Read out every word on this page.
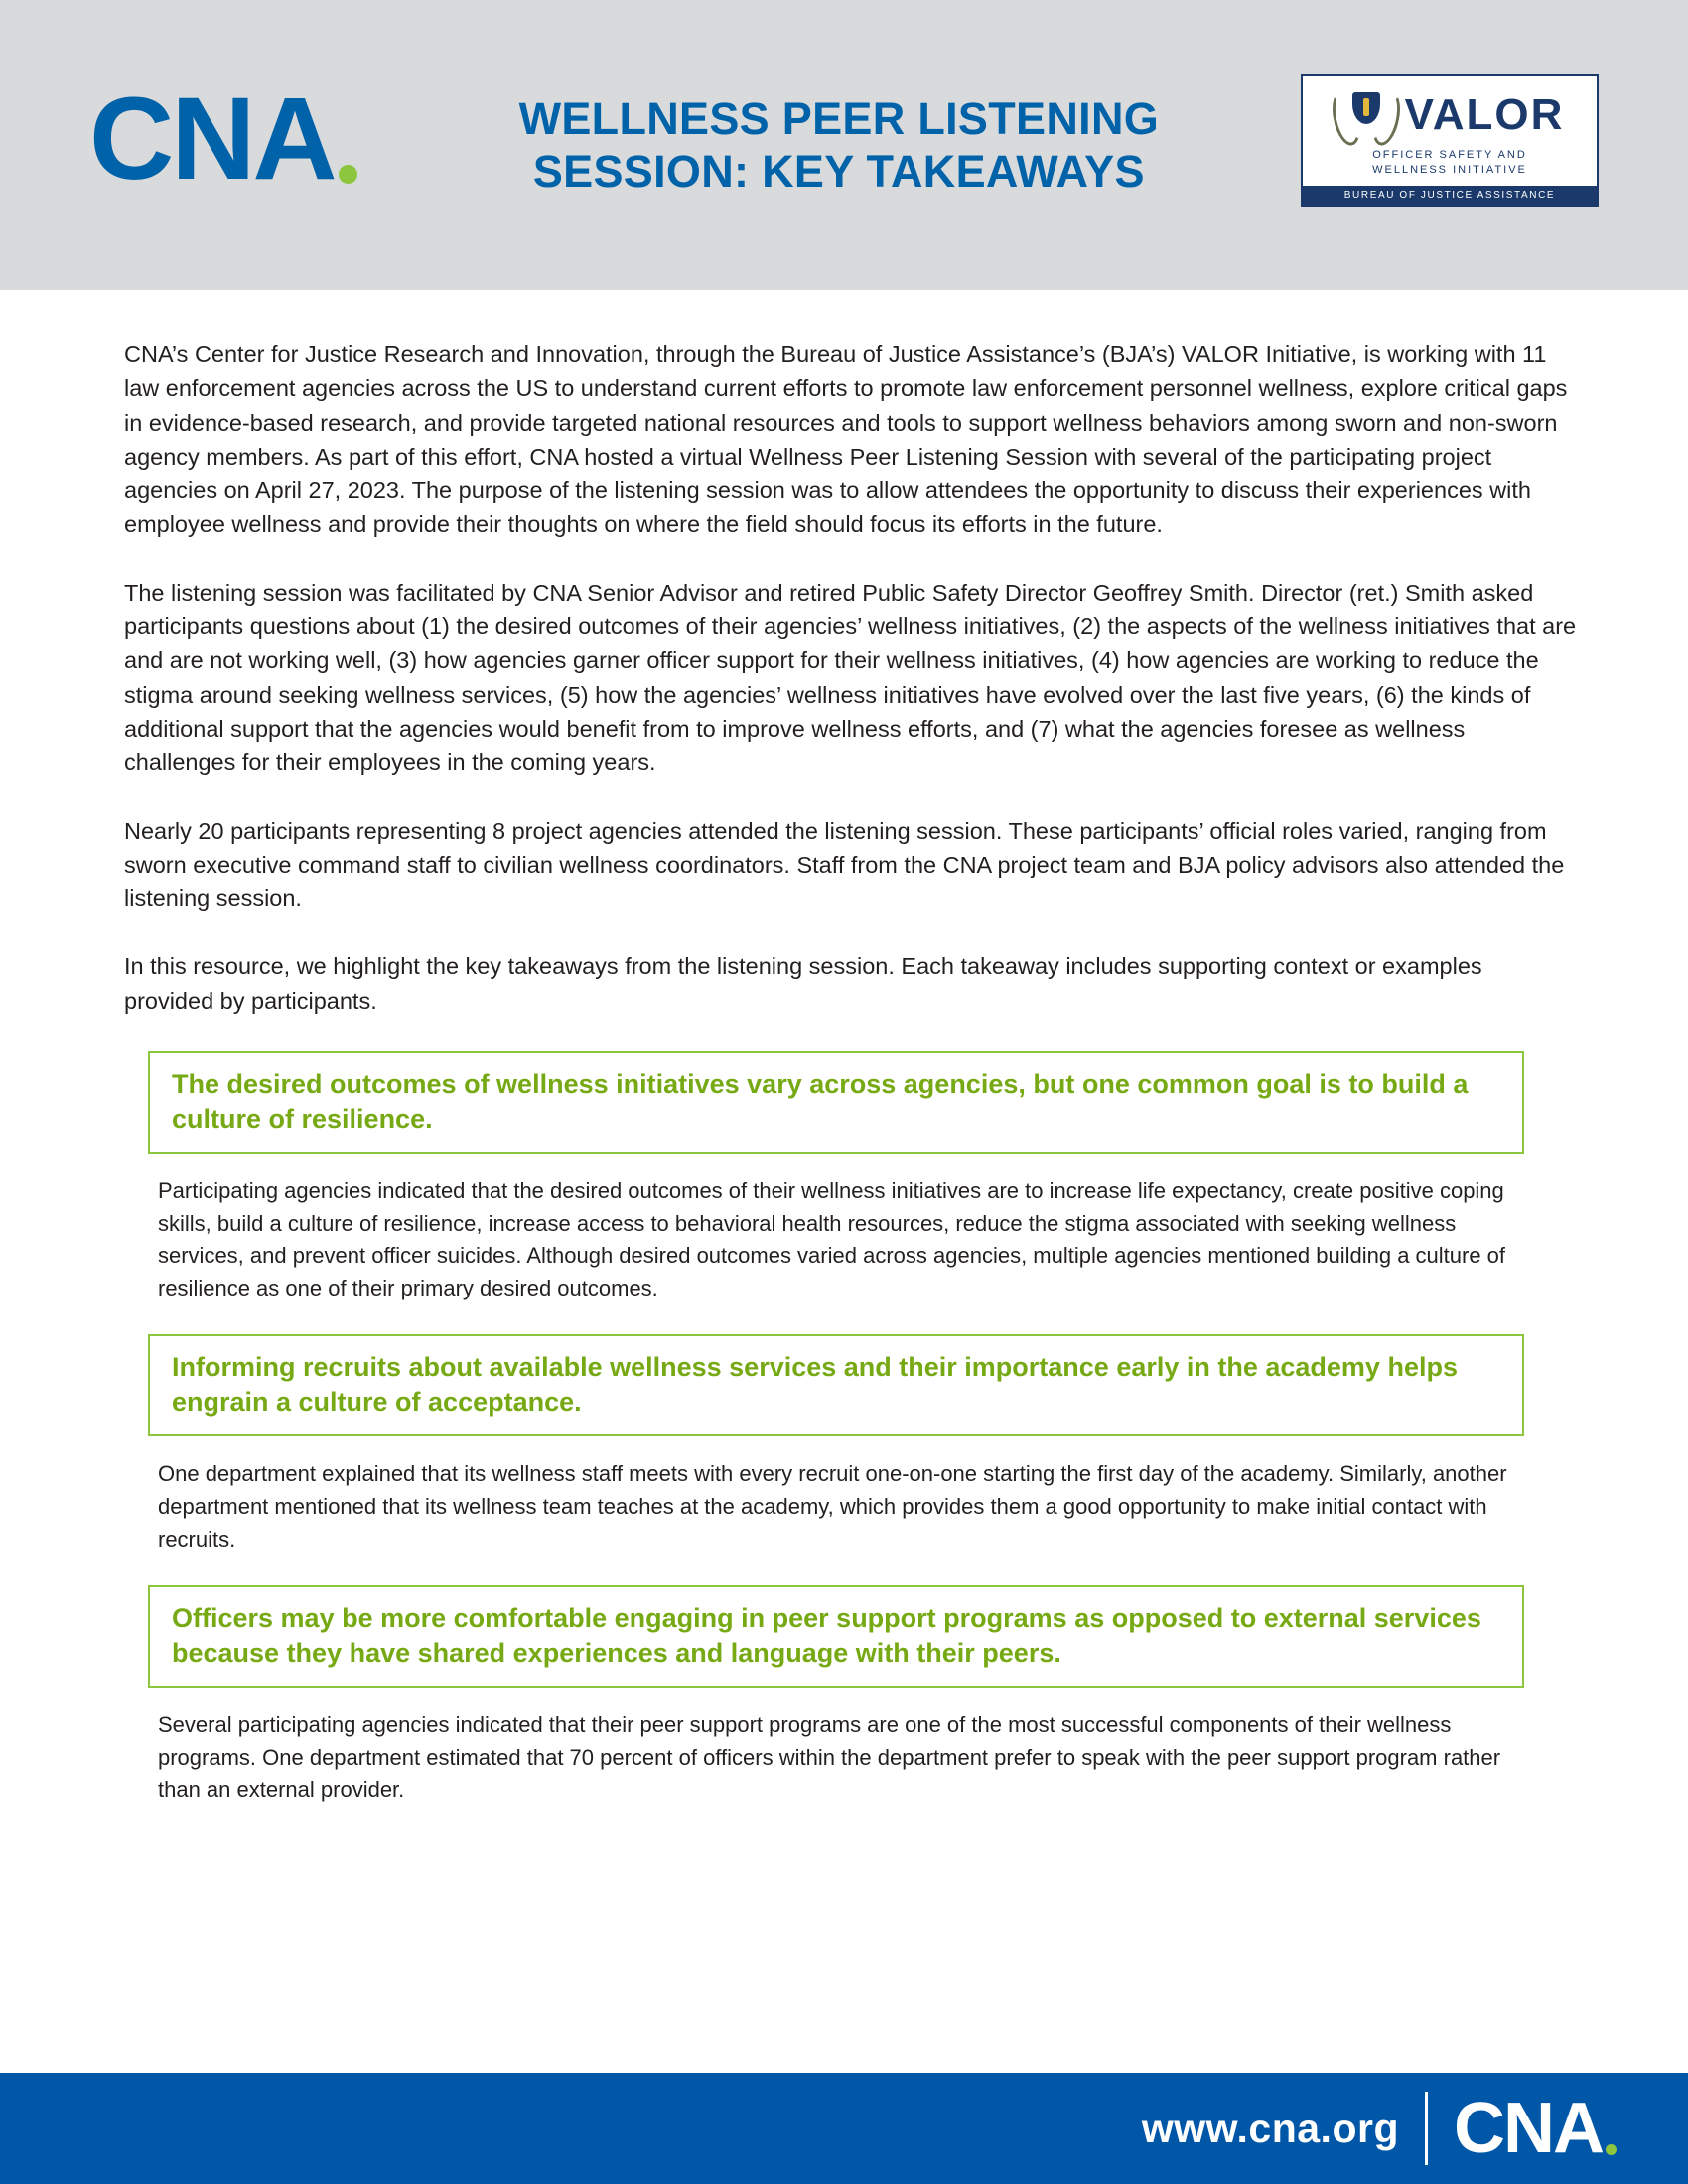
CNA	WELLNESS PEER LISTENING
SESSION: KEY TAKEAWAYS
VALOR
OFFICER SAFETY AND
WELLNESS INITIATIVE
BUREAU OF JUSTICE ASSISTANCE

CNA’s Center for Justice Research and Innovation, through the Bureau of Justice Assistance’s (BJA’s) VALOR Initiative, is working with 11 law enforcement agencies across the US to understand current efforts to promote law enforcement personnel wellness, explore critical gaps in evidence-based research, and provide targeted national resources and tools to support wellness behaviors among sworn and non-sworn agency members. As part of this effort, CNA hosted a virtual Wellness Peer Listening Session with several of the participating project agencies on April 27, 2023. The purpose of the listening session was to allow attendees the opportunity to discuss their experiences with employee wellness and provide their thoughts on where the field should focus its efforts in the future.

The listening session was facilitated by CNA Senior Advisor and retired Public Safety Director Geoffrey Smith. Director (ret.) Smith asked participants questions about (1) the desired outcomes of their agencies’ wellness initiatives, (2) the aspects of the wellness initiatives that are and are not working well, (3) how agencies garner officer support for their wellness initiatives, (4) how agencies are working to reduce the stigma around seeking wellness services, (5) how the agencies’ wellness initiatives have evolved over the last five years, (6) the kinds of additional support that the agencies would benefit from to improve wellness efforts, and (7) what the agencies foresee as wellness challenges for their employees in the coming years.

Nearly 20 participants representing 8 project agencies attended the listening session. These participants’ official roles varied, ranging from sworn executive command staff to civilian wellness coordinators. Staff from the CNA project team and BJA policy advisors also attended the listening session.

In this resource, we highlight the key takeaways from the listening session. Each takeaway includes supporting context or examples provided by participants.

The desired outcomes of wellness initiatives vary across agencies, but one common goal is to build a culture of resilience.
Participating agencies indicated that the desired outcomes of their wellness initiatives are to increase life expectancy, create positive coping skills, build a culture of resilience, increase access to behavioral health resources, reduce the stigma associated with seeking wellness services, and prevent officer suicides. Although desired outcomes varied across agencies, multiple agencies mentioned building a culture of resilience as one of their primary desired outcomes.
Informing recruits about available wellness services and their importance early in the academy helps engrain a culture of acceptance.
One department explained that its wellness staff meets with every recruit one-on-one starting the first day of the academy. Similarly, another department mentioned that its wellness team teaches at the academy, which provides them a good opportunity to make initial contact with recruits.
Officers may be more comfortable engaging in peer support programs as opposed to external services because they have shared experiences and language with their peers.
Several participating agencies indicated that their peer support programs are one of the most successful components of their wellness programs. One department estimated that 70 percent of officers within the department prefer to speak with the peer support program rather than an external provider.
www.cna.org CNA
